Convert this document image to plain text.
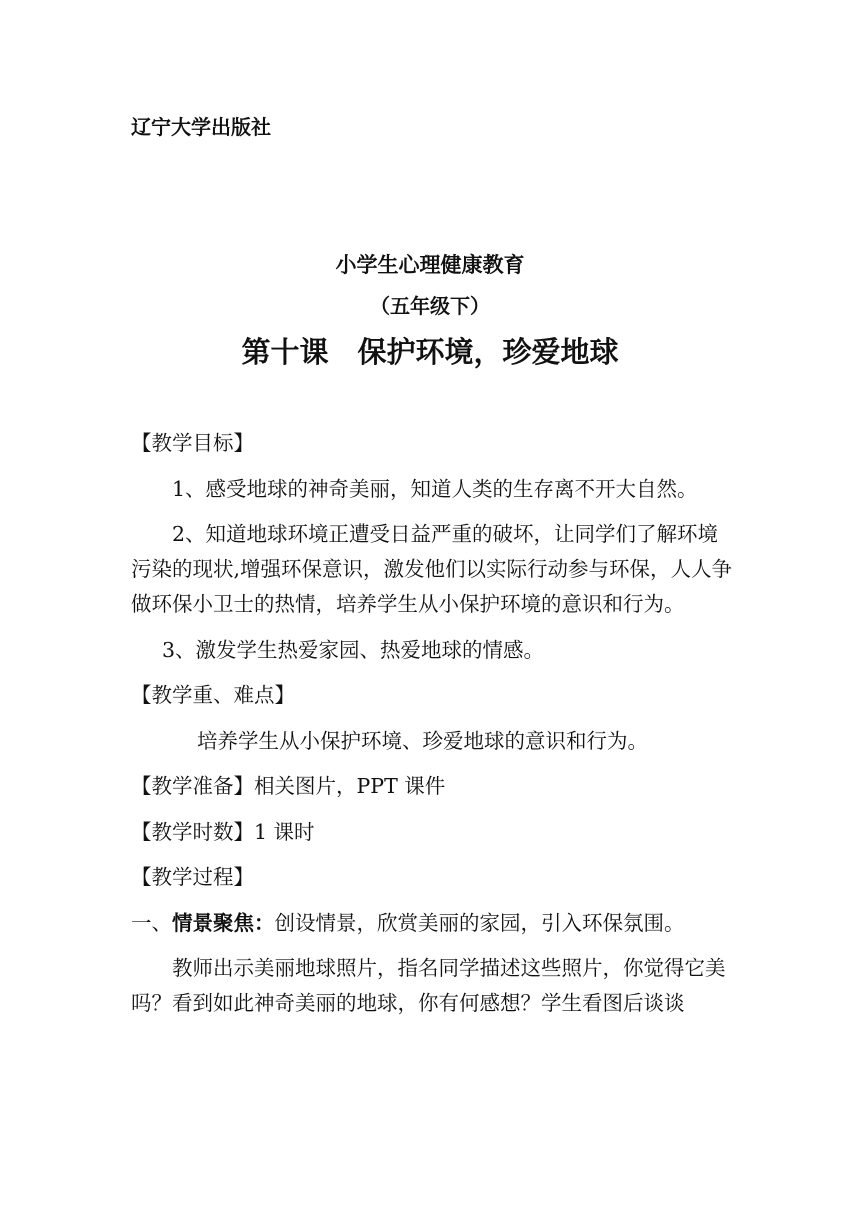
辽宁大学出版社

小学生心理健康教育

（五年级下）

第十课　保护环境，珍爱地球

【教学目标】

1、感受地球的神奇美丽，知道人类的生存离不开大自然。

2、知道地球环境正遭受日益严重的破坏，让同学们了解环境污染的现状,增强环保意识，激发他们以实际行动参与环保，人人争做环保小卫士的热情，培养学生从小保护环境的意识和行为。

3、激发学生热爱家园、热爱地球的情感。

【教学重、难点】

培养学生从小保护环境、珍爱地球的意识和行为。

【教学准备】相关图片，PPT 课件

【教学时数】1 课时

【教学过程】

一、情景聚焦：创设情景，欣赏美丽的家园，引入环保氛围。

教师出示美丽地球照片，指名同学描述这些照片，你觉得它美吗？看到如此神奇美丽的地球，你有何感想？学生看图后谈谈
